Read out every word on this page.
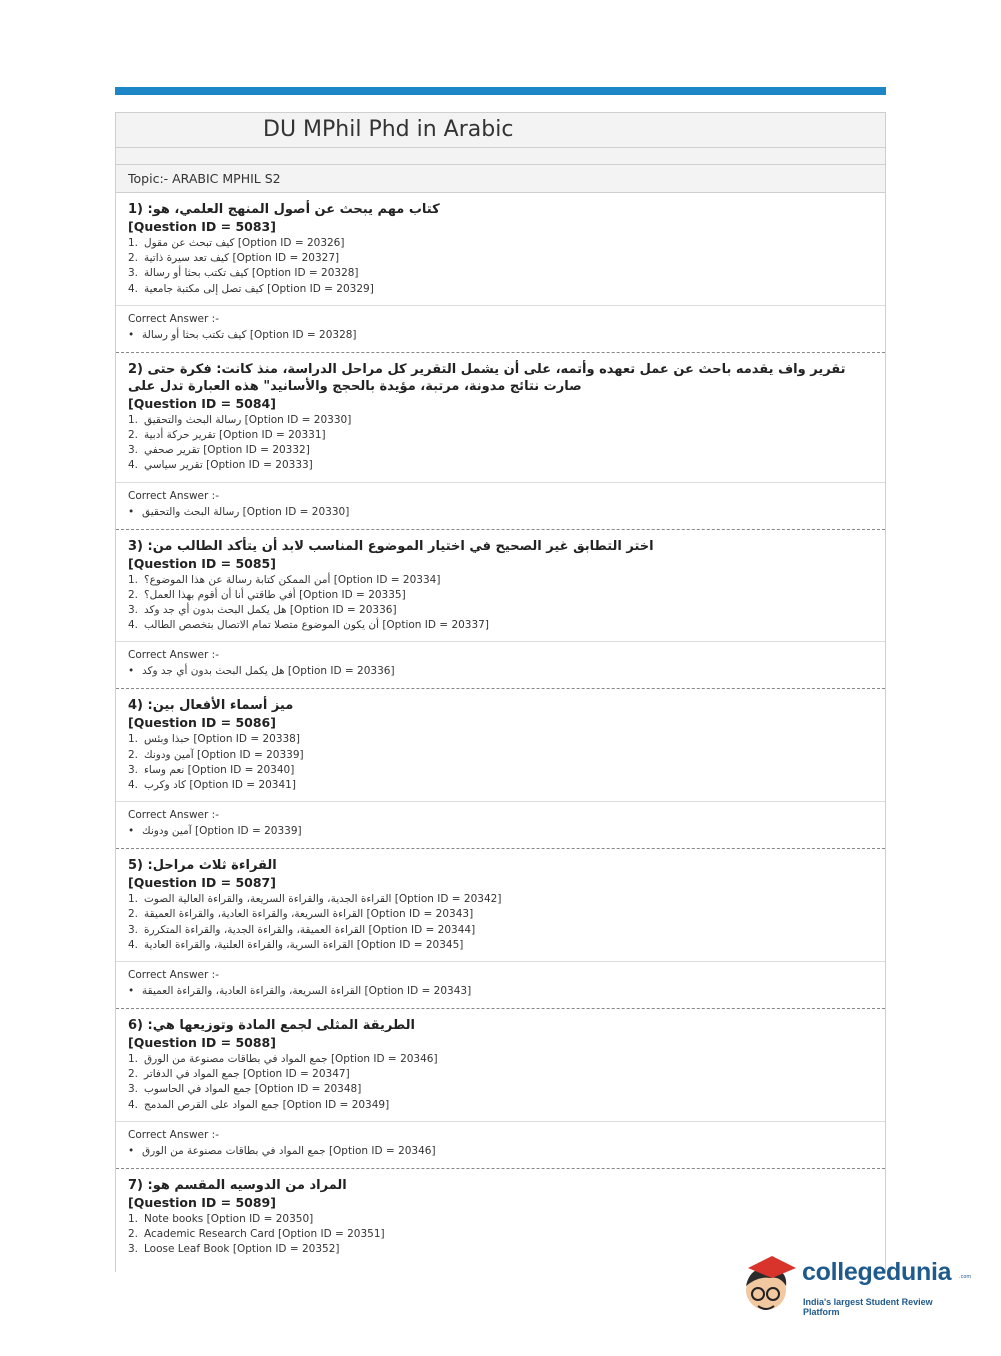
DU MPhil Phd in Arabic
Topic:- ARABIC MPHIL S2
1) كتاب مهم يبحث عن أصول المنهج العلمي، هو:
[Question ID = 5083]
1. كيف تبحث عن مقول [Option ID = 20326]
2. كيف تعد سيرة ذاتية [Option ID = 20327]
3. كيف تكتب بحثا أو رسالة [Option ID = 20328]
4. كيف تصل إلى مكتبة جامعية [Option ID = 20329]
Correct Answer :-
• كيف تكتب بحثا أو رسالة [Option ID = 20328]
2) تقرير واف يقدمه باحث عن عمل تعهده وأتمه، على أن يشمل التقرير كل مراحل الدراسة، منذ كانت: فكرة حتى صارت نتائج مدونة، مرتبة، مؤيدة بالحجج والأسانيد" هذه العبارة تدل على
[Question ID = 5084]
1. رسالة البحث والتحقيق [Option ID = 20330]
2. تقرير حركة أدبية [Option ID = 20331]
3. تقرير صحفي [Option ID = 20332]
4. تقرير سياسي [Option ID = 20333]
Correct Answer :-
• رسالة البحث والتحقيق [Option ID = 20330]
3) اختر التطابق غير الصحيح في اختيار الموضوع المناسب لابد أن يتأكد الطالب من:
[Question ID = 5085]
1. أمن الممكن كتابة رسالة عن هذا الموضوع؟ [Option ID = 20334]
2. أفي طاقتي أنا أن أقوم بهذا العمل؟ [Option ID = 20335]
3. هل يكمل البحث بدون أي جد وكد [Option ID = 20336]
4. أن يكون الموضوع متصلا تمام الاتصال بتخصص الطالب [Option ID = 20337]
Correct Answer :-
• هل يكمل البحث بدون أي جد وكد [Option ID = 20336]
4) ميز أسماء الأفعال بين:
[Question ID = 5086]
1. حبذا وبئس [Option ID = 20338]
2. آمين ودونك [Option ID = 20339]
3. نعم وساء [Option ID = 20340]
4. كاد وكرب [Option ID = 20341]
Correct Answer :-
• آمين ودونك [Option ID = 20339]
5) القراءة ثلاث مراحل:
[Question ID = 5087]
1. القراءة الجدية، والقراءة السريعة، والقراءة العالية الصوت [Option ID = 20342]
2. القراءة السريعة، والقراءة العادية، والقراءة العميقة [Option ID = 20343]
3. القراءة العميقة، والقراءة الجدية، والقراءة المتكررة [Option ID = 20344]
4. القراءة السرية، والقراءة العلنية، والقراءة العادية [Option ID = 20345]
Correct Answer :-
• القراءة السريعة، والقراءة العادية، والقراءة العميقة [Option ID = 20343]
6) الطريقة المثلى لجمع المادة وتوزيعها هي:
[Question ID = 5088]
1. جمع المواد في بطاقات مصنوعة من الورق [Option ID = 20346]
2. جمع المواد في الدفاتر [Option ID = 20347]
3. جمع المواد في الحاسوب [Option ID = 20348]
4. جمع المواد على القرص المدمج [Option ID = 20349]
Correct Answer :-
• جمع المواد في بطاقات مصنوعة من الورق [Option ID = 20346]
7) المراد من الدوسيه المقسم هو:
[Question ID = 5089]
1. Note books [Option ID = 20350]
2. Academic Research Card [Option ID = 20351]
3. Loose Leaf Book [Option ID = 20352]
collegedunia .com
India's largest Student Review Platform
